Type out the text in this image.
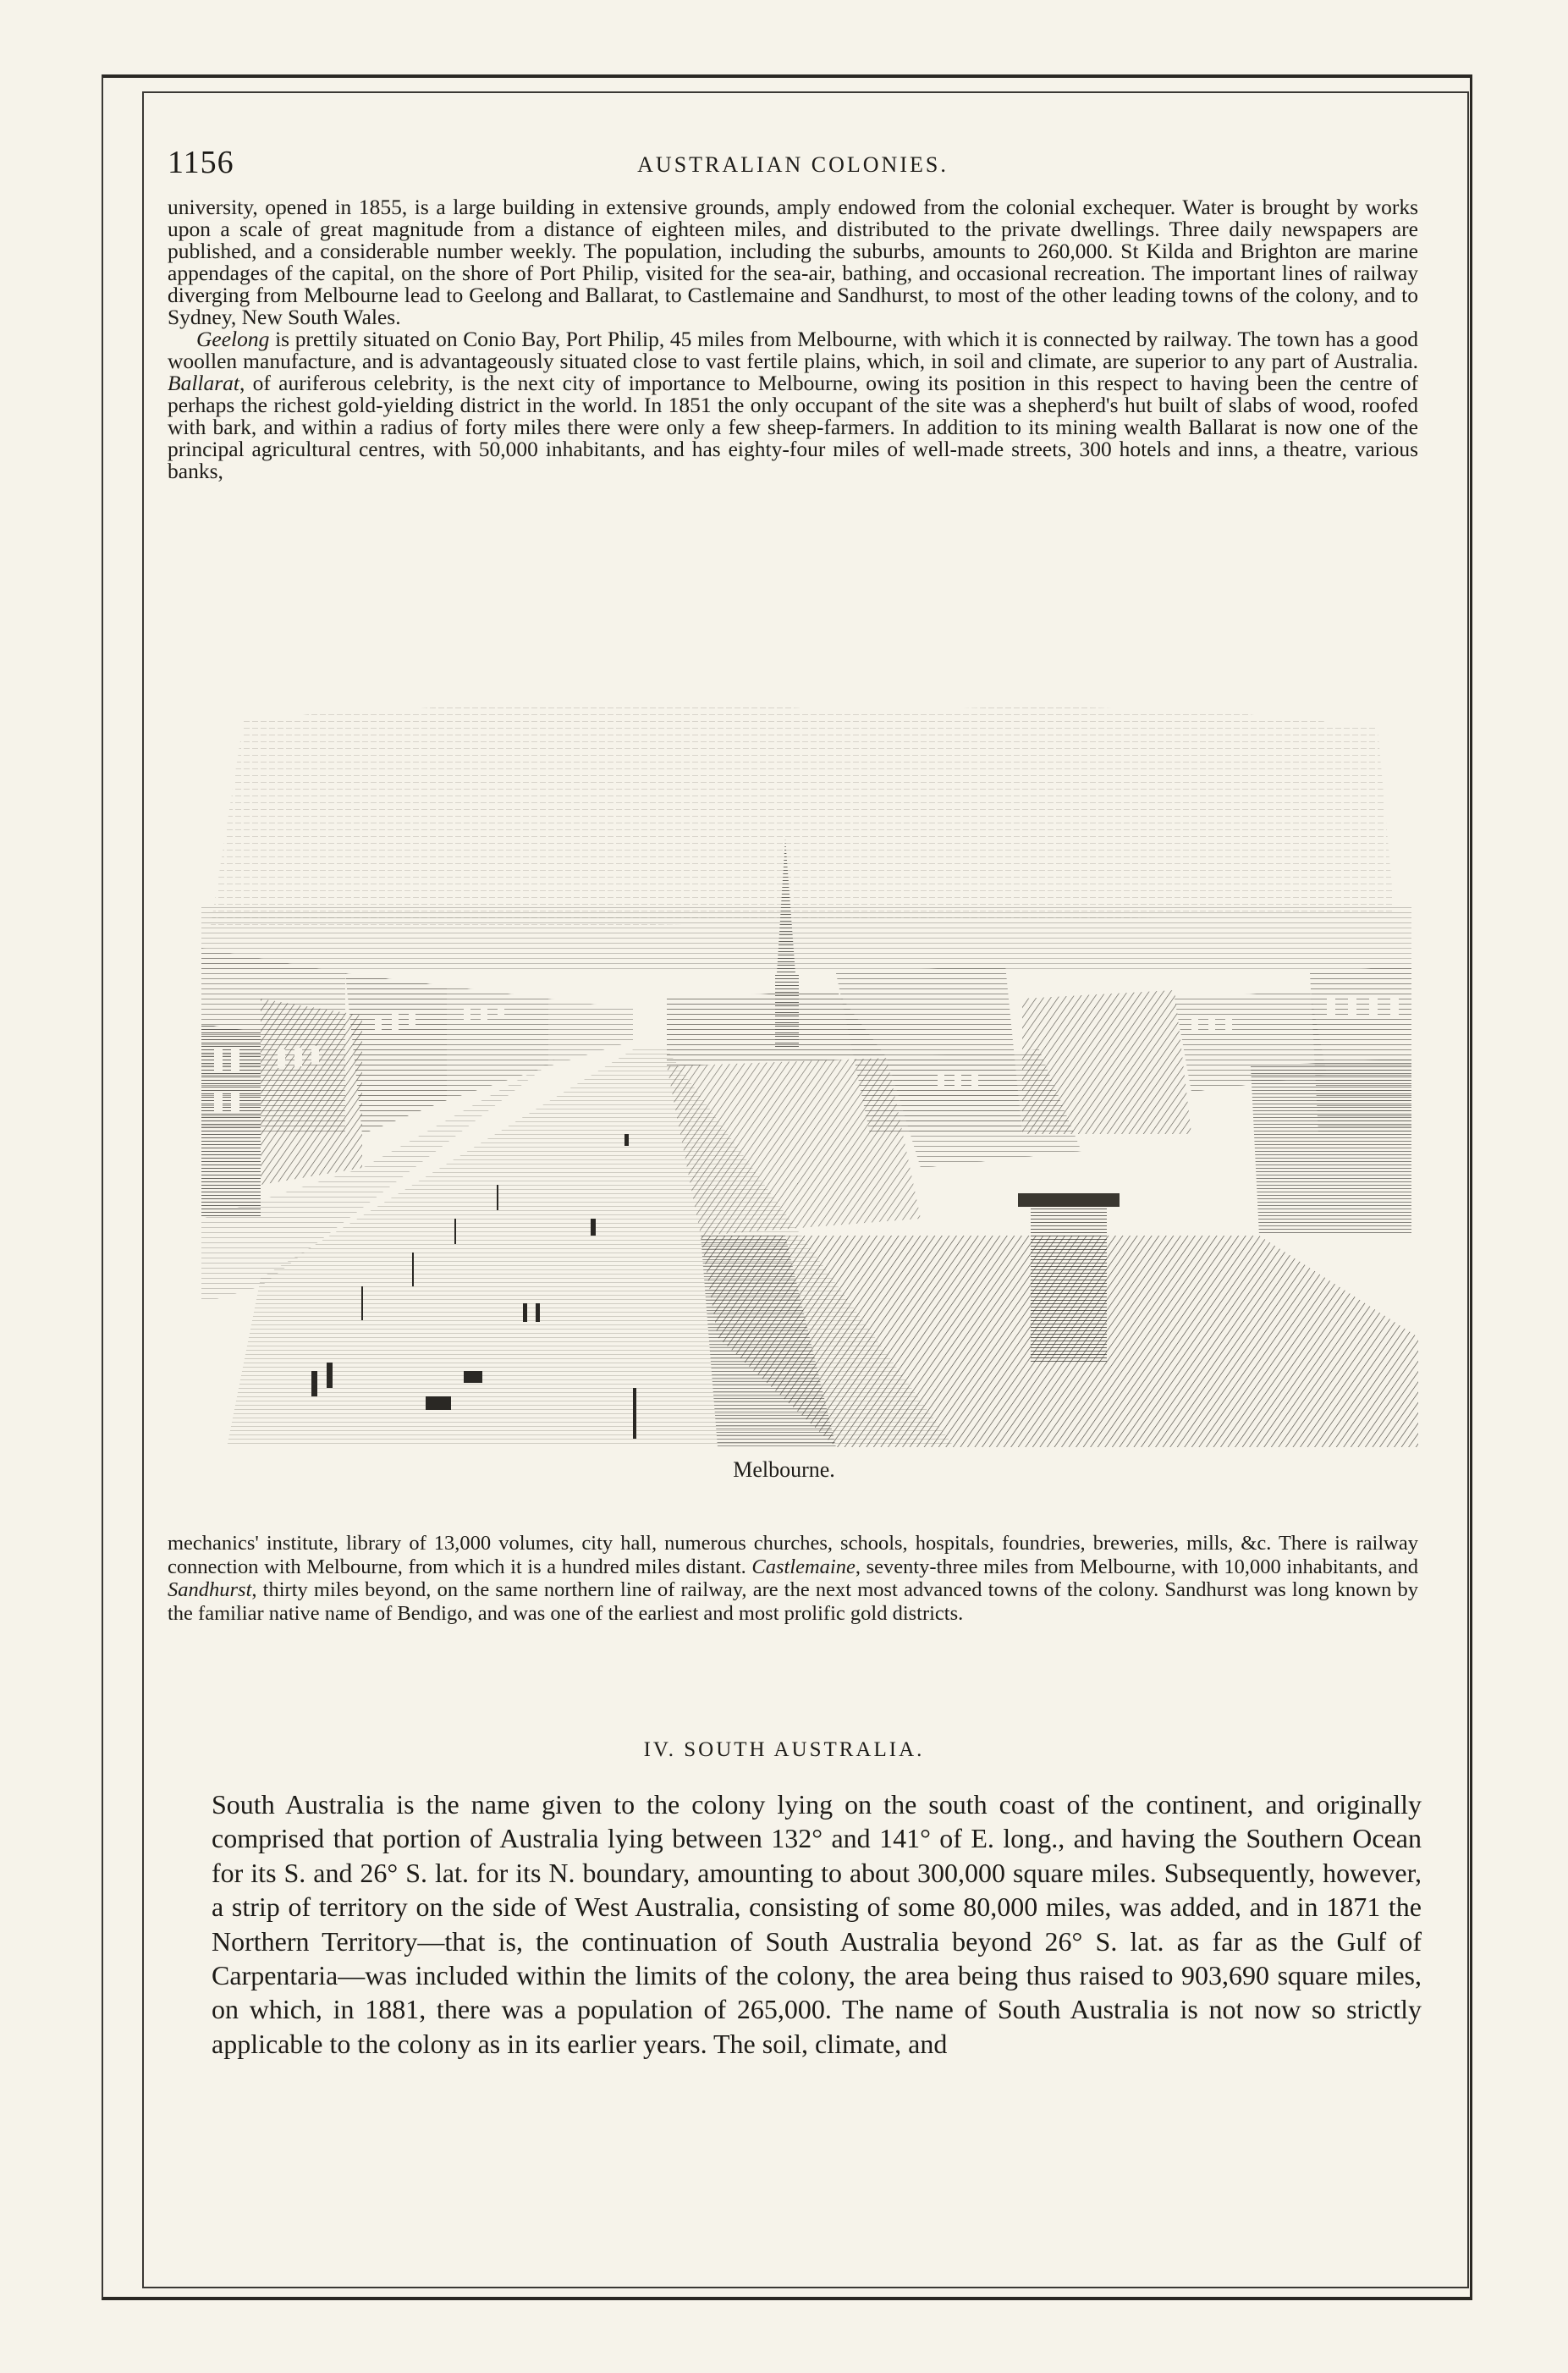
1156	AUSTRALIAN COLONIES.

university, opened in 1855, is a large building in extensive grounds, amply endowed from the colonial exchequer. Water is brought by works upon a scale of great magnitude from a distance of eighteen miles, and distributed to the private dwellings. Three daily newspapers are published, and a considerable number weekly. The population, including the suburbs, amounts to 260,000. St Kilda and Brighton are marine appendages of the capital, on the shore of Port Philip, visited for the sea-air, bathing, and occasional recreation. The important lines of railway diverging from Melbourne lead to Geelong and Ballarat, to Castlemaine and Sandhurst, to most of the other leading towns of the colony, and to Sydney, New South Wales.

Geelong is prettily situated on Conio Bay, Port Philip, 45 miles from Melbourne, with which it is connected by railway. The town has a good woollen manufacture, and is advantageously situated close to vast fertile plains, which, in soil and climate, are superior to any part of Australia. Ballarat, of auriferous celebrity, is the next city of importance to Melbourne, owing its position in this respect to having been the centre of perhaps the richest gold-yielding district in the world. In 1851 the only occupant of the site was a shepherd's hut built of slabs of wood, roofed with bark, and within a radius of forty miles there were only a few sheep-farmers. In addition to its mining wealth Ballarat is now one of the principal agricultural centres, with 50,000 inhabitants, and has eighty-four miles of well-made streets, 300 hotels and inns, a theatre, various banks,

Melbourne.

mechanics' institute, library of 13,000 volumes, city hall, numerous churches, schools, hospitals, foundries, breweries, mills, &c. There is railway connection with Melbourne, from which it is a hundred miles distant. Castlemaine, seventy-three miles from Melbourne, with 10,000 inhabitants, and Sandhurst, thirty miles beyond, on the same northern line of railway, are the next most advanced towns of the colony. Sandhurst was long known by the familiar native name of Bendigo, and was one of the earliest and most prolific gold districts.

IV. SOUTH AUSTRALIA.

South Australia is the name given to the colony lying on the south coast of the continent, and originally comprised that portion of Australia lying between 132° and 141° of E. long., and having the Southern Ocean for its S. and 26° S. lat. for its N. boundary, amounting to about 300,000 square miles. Subsequently, however, a strip of territory on the side of West Australia, consisting of some 80,000 miles, was added, and in 1871 the Northern Territory—that is, the continuation of South Australia beyond 26° S. lat. as far as the Gulf of Carpentaria—was included within the limits of the colony, the area being thus raised to 903,690 square miles, on which, in 1881, there was a population of 265,000. The name of South Australia is not now so strictly applicable to the colony as in its earlier years. The soil, climate, and
